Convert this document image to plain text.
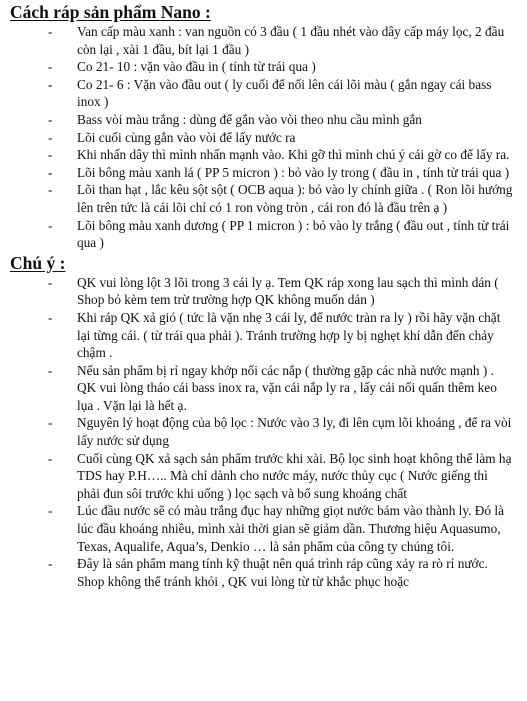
Cách ráp sản phẩm Nano :
- Van cấp màu xanh : van nguồn có 3 đầu ( 1 đầu nhét vào dây cấp máy lọc, 2 đầu còn lại , xài 1 đầu, bít lại 1 đầu )
- Co 21- 10 : vặn vào đầu in ( tính từ trái qua )
- Co 21- 6 : Vặn vào đầu out ( ly cuối để nối lên cái lõi màu ( gắn ngay cái bass inox )
- Bass vòi màu trắng : dùng để gắn vào vòi theo nhu cầu mình gắn
- Lõi cuối cùng gắn vào vòi để lấy nước ra
- Khi nhấn dây thì mình nhấn mạnh vào. Khi gỡ thì mình chú ý cái gờ co để lấy ra.
- Lõi bông màu xanh lá ( PP 5 micron ) : bỏ vào ly trong ( đầu in , tính từ trái qua )
- Lõi than hạt , lắc kêu sột sột ( OCB aqua ): bỏ vào ly chính giữa . ( Ron lõi hướng lên trên tức là cái lõi chỉ có 1 ron vòng tròn , cái ron đó là đầu trên ạ )
- Lõi bông màu xanh dương ( PP 1 micron ) : bỏ vào ly trắng ( đầu out , tính từ trái qua )
Chú ý :
- QK vui lòng lột 3 lõi trong 3 cái ly ạ. Tem QK ráp xong lau sạch thì mình dán ( Shop bỏ kèm tem trừ trường hợp QK không muốn dán )
- Khi ráp QK xả gió ( tức là vặn nhẹ 3 cái ly, để nước tràn ra ly ) rồi hãy vặn chặt lại từng cái. ( từ trái qua phải ). Tránh trường hợp ly bị nghẹt khí dẫn đến chảy chậm .
- Nếu sản phẩm bị rỉ ngay khớp nối các nắp ( thường gặp các nhà nước mạnh ) . QK vui lòng tháo cái bass inox ra, vặn cái nắp ly ra , lấy cái nối quấn thêm keo lụa . Vặn lại là hết ạ.
- Nguyên lý hoạt động của bộ lọc : Nước vào 3 ly, đi lên cụm lõi khoáng , để ra vòi lấy nước sử dụng
- Cuối cùng QK xả sạch sản phẩm trước khi xài. Bộ lọc sinh hoạt không thể làm hạ TDS hay P.H….. Mà chỉ dành cho nước máy, nước thủy cục ( Nước giếng thì phải đun sôi trước khi uống ) lọc sạch và bổ sung khoáng chất
- Lúc đầu nước sẽ có màu trắng đục hay những giọt nước bám vào thành ly. Đó là lúc đầu khoáng nhiều, mình xài thời gian sẽ giảm dần. Thương hiệu Aquasumo, Texas, Aqualife, Aqua’s, Denkio … là sản phẩm của công ty chúng tôi.
- Đây là sản phẩm mang tính kỹ thuật nên quá trình ráp cũng xảy ra rò rỉ nước. Shop không thể tránh khỏi , QK vui lòng từ từ khắc phục hoặc
